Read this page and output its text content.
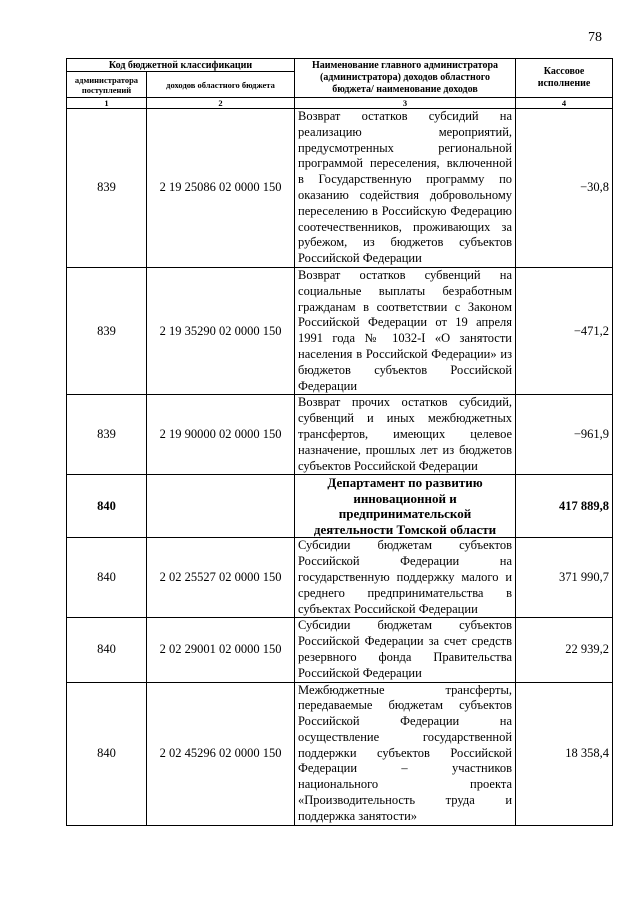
78
Код бюджетной классификации		Наименование главного администратора (администратора) доходов областного бюджета/ наименование доходов	Кассовое исполнение
администратора поступлений	доходов областного бюджета		
1	2	3	4
839	2 19 25086 02 0000 150	Возврат остатков субсидий на реализацию мероприятий, предусмотренных региональной программой переселения, включенной в Государственную программу по оказанию содействия добровольному переселению в Российскую Федерацию соотечественников, проживающих за рубежом, из бюджетов субъектов Российской Федерации	−30,8
839	2 19 35290 02 0000 150	Возврат остатков субвенций на социальные выплаты безработным гражданам в соответствии с Законом Российской Федерации от 19 апреля 1991 года № 1032-I «О занятости населения в Российской Федерации» из бюджетов субъектов Российской Федерации	−471,2
839	2 19 90000 02 0000 150	Возврат прочих остатков субсидий, субвенций и иных межбюджетных трансфертов, имеющих целевое назначение, прошлых лет из бюджетов субъектов Российской Федерации	−961,9
840		Департамент по развитию инновационной и предпринимательской деятельности Томской области	417 889,8
840	2 02 25527 02 0000 150	Субсидии бюджетам субъектов Российской Федерации на государственную поддержку малого и среднего предпринимательства в субъектах Российской Федерации	371 990,7
840	2 02 29001 02 0000 150	Субсидии бюджетам субъектов Российской Федерации за счет средств резервного фонда Правительства Российской Федерации	22 939,2
840	2 02 45296 02 0000 150	Межбюджетные трансферты, передаваемые бюджетам субъектов Российской Федерации на осуществление государственной поддержки субъектов Российской Федерации – участников национального проекта «Производительность труда и поддержка занятости»	18 358,4
